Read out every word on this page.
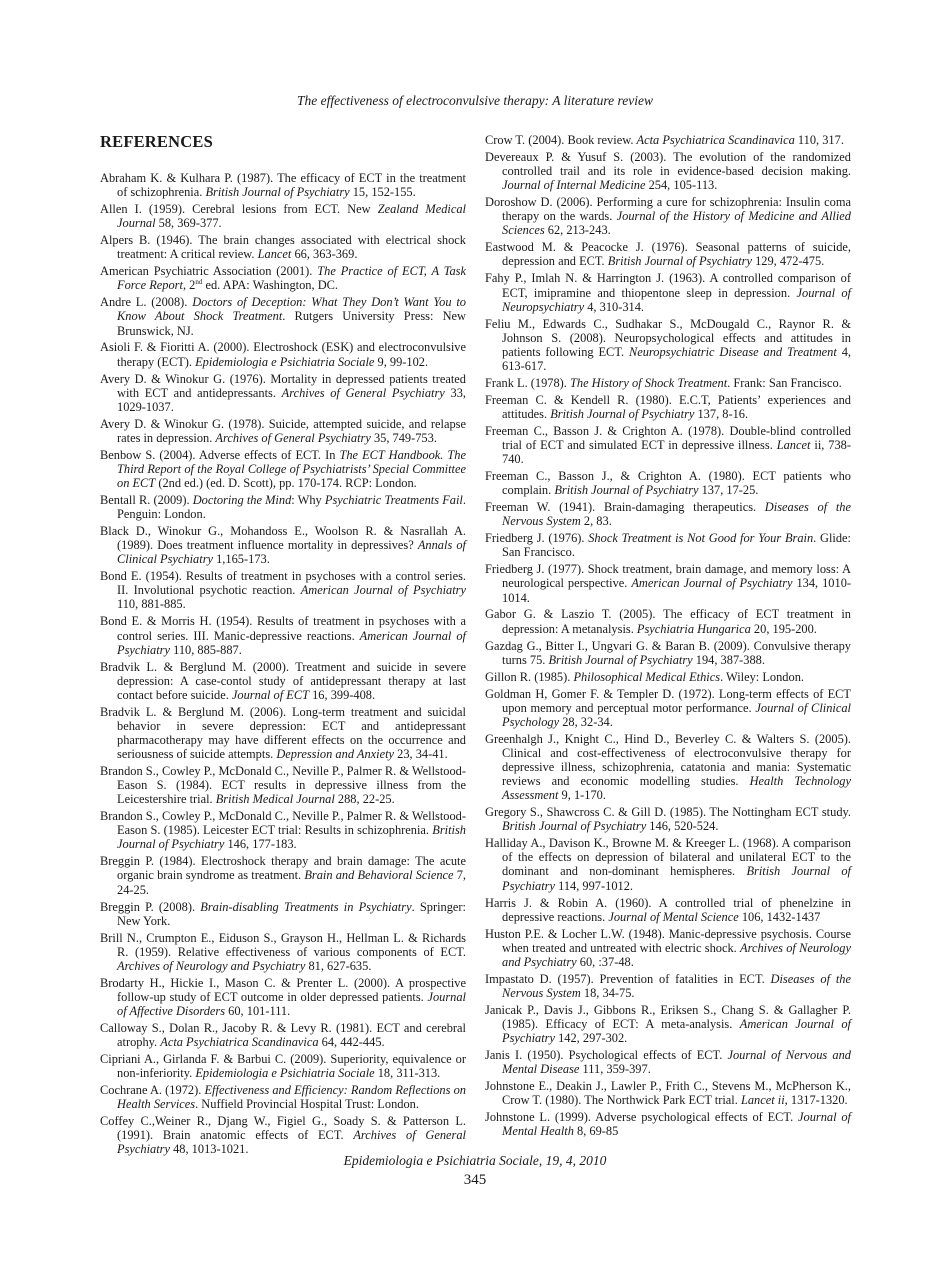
The effectiveness of electroconvulsive therapy: A literature review
REFERENCES
Abraham K. & Kulhara P. (1987). The efficacy of ECT in the treatment of schizophrenia. British Journal of Psychiatry 15, 152-155.
Allen I. (1959). Cerebral lesions from ECT. New Zealand Medical Journal 58, 369-377.
Alpers B. (1946). The brain changes associated with electrical shock treatment: A critical review. Lancet 66, 363-369.
American Psychiatric Association (2001). The Practice of ECT, A Task Force Report, 2nd ed. APA: Washington, DC.
Andre L. (2008). Doctors of Deception: What They Don’t Want You to Know About Shock Treatment. Rutgers University Press: New Brunswick, NJ.
Asioli F. & Fioritti A. (2000). Electroshock (ESK) and electroconvulsive therapy (ECT). Epidemiologia e Psichiatria Sociale 9, 99-102.
Avery D. & Winokur G. (1976). Mortality in depressed patients treated with ECT and antidepressants. Archives of General Psychiatry 33, 1029-1037.
Avery D. & Winokur G. (1978). Suicide, attempted suicide, and relapse rates in depression. Archives of General Psychiatry 35, 749-753.
Benbow S. (2004). Adverse effects of ECT. In The ECT Handbook. The Third Report of the Royal College of Psychiatrists’ Special Committee on ECT (2nd ed.) (ed. D. Scott), pp. 170-174. RCP: London.
Bentall R. (2009). Doctoring the Mind: Why Psychiatric Treatments Fail. Penguin: London.
Black D., Winokur G., Mohandoss E., Woolson R. & Nasrallah A. (1989). Does treatment influence mortality in depressives? Annals of Clinical Psychiatry 1,165-173.
Bond E. (1954). Results of treatment in psychoses with a control series. II. Involutional psychotic reaction. American Journal of Psychiatry 110, 881-885.
Bond E. & Morris H. (1954). Results of treatment in psychoses with a control series. III. Manic-depressive reactions. American Journal of Psychiatry 110, 885-887.
Bradvik L. & Berglund M. (2000). Treatment and suicide in severe depression: A case-contol study of antidepressant therapy at last contact before suicide. Journal of ECT 16, 399-408.
Bradvik L. & Berglund M. (2006). Long-term treatment and suicidal behavior in severe depression: ECT and antidepressant pharmacotherapy may have different effects on the occurrence and seriousness of suicide attempts. Depression and Anxiety 23, 34-41.
Brandon S., Cowley P., McDonald C., Neville P., Palmer R. & Wellstood-Eason S. (1984). ECT results in depressive illness from the Leicestershire trial. British Medical Journal 288, 22-25.
Brandon S., Cowley P., McDonald C., Neville P., Palmer R. & Wellstood-Eason S. (1985). Leicester ECT trial: Results in schizophrenia. British Journal of Psychiatry 146, 177-183.
Breggin P. (1984). Electroshock therapy and brain damage: The acute organic brain syndrome as treatment. Brain and Behavioral Science 7, 24-25.
Breggin P. (2008). Brain-disabling Treatments in Psychiatry. Springer: New York.
Brill N., Crumpton E., Eiduson S., Grayson H., Hellman L. & Richards R. (1959). Relative effectiveness of various components of ECT. Archives of Neurology and Psychiatry 81, 627-635.
Brodarty H., Hickie I., Mason C. & Prenter L. (2000). A prospective follow-up study of ECT outcome in older depressed patients. Journal of Affective Disorders 60, 101-111.
Calloway S., Dolan R., Jacoby R. & Levy R. (1981). ECT and cerebral atrophy. Acta Psychiatrica Scandinavica 64, 442-445.
Cipriani A., Girlanda F. & Barbui C. (2009). Superiority, equivalence or non-inferiority. Epidemiologia e Psichiatria Sociale 18, 311-313.
Cochrane A. (1972). Effectiveness and Efficiency: Random Reflections on Health Services. Nuffield Provincial Hospital Trust: London.
Coffey C.,Weiner R., Djang W., Figiel G., Soady S. & Patterson L. (1991). Brain anatomic effects of ECT. Archives of General Psychiatry 48, 1013-1021.
Crow T. (2004). Book review. Acta Psychiatrica Scandinavica 110, 317.
Devereaux P. & Yusuf S. (2003). The evolution of the randomized controlled trail and its role in evidence-based decision making. Journal of Internal Medicine 254, 105-113.
Doroshow D. (2006). Performing a cure for schizophrenia: Insulin coma therapy on the wards. Journal of the History of Medicine and Allied Sciences 62, 213-243.
Eastwood M. & Peacocke J. (1976). Seasonal patterns of suicide, depression and ECT. British Journal of Psychiatry 129, 472-475.
Fahy P., Imlah N. & Harrington J. (1963). A controlled comparison of ECT, imipramine and thiopentone sleep in depression. Journal of Neuropsychiatry 4, 310-314.
Feliu M., Edwards C., Sudhakar S., McDougald C., Raynor R. & Johnson S. (2008). Neuropsychological effects and attitudes in patients following ECT. Neuropsychiatric Disease and Treatment 4, 613-617.
Frank L. (1978). The History of Shock Treatment. Frank: San Francisco.
Freeman C. & Kendell R. (1980). E.C.T, Patients’ experiences and attitudes. British Journal of Psychiatry 137, 8-16.
Freeman C., Basson J. & Crighton A. (1978). Double-blind controlled trial of ECT and simulated ECT in depressive illness. Lancet ii, 738-740.
Freeman C., Basson J., & Crighton A. (1980). ECT patients who complain. British Journal of Psychiatry 137, 17-25.
Freeman W. (1941). Brain-damaging therapeutics. Diseases of the Nervous System 2, 83.
Friedberg J. (1976). Shock Treatment is Not Good for Your Brain. Glide: San Francisco.
Friedberg J. (1977). Shock treatment, brain damage, and memory loss: A neurological perspective. American Journal of Psychiatry 134, 1010-1014.
Gabor G. & Laszio T. (2005). The efficacy of ECT treatment in depression: A metanalysis. Psychiatria Hungarica 20, 195-200.
Gazdag G., Bitter I., Ungvari G. & Baran B. (2009). Convulsive therapy turns 75. British Journal of Psychiatry 194, 387-388.
Gillon R. (1985). Philosophical Medical Ethics. Wiley: London.
Goldman H, Gomer F. & Templer D. (1972). Long-term effects of ECT upon memory and perceptual motor performance. Journal of Clinical Psychology 28, 32-34.
Greenhalgh J., Knight C., Hind D., Beverley C. & Walters S. (2005). Clinical and cost-effectiveness of electroconvulsive therapy for depressive illness, schizophrenia, catatonia and mania: Systematic reviews and economic modelling studies. Health Technology Assessment 9, 1-170.
Gregory S., Shawcross C. & Gill D. (1985). The Nottingham ECT study. British Journal of Psychiatry 146, 520-524.
Halliday A., Davison K., Browne M. & Kreeger L. (1968). A comparison of the effects on depression of bilateral and unilateral ECT to the dominant and non-dominant hemispheres. British Journal of Psychiatry 114, 997-1012.
Harris J. & Robin A. (1960). A controlled trial of phenelzine in depressive reactions. Journal of Mental Science 106, 1432-1437
Huston P.E. & Locher L.W. (1948). Manic-depressive psychosis. Course when treated and untreated with electric shock. Archives of Neurology and Psychiatry 60, :37-48.
Impastato D. (1957). Prevention of fatalities in ECT. Diseases of the Nervous System 18, 34-75.
Janicak P., Davis J., Gibbons R., Eriksen S., Chang S. & Gallagher P. (1985). Efficacy of ECT: A meta-analysis. American Journal of Psychiatry 142, 297-302.
Janis I. (1950). Psychological effects of ECT. Journal of Nervous and Mental Disease 111, 359-397.
Johnstone E., Deakin J., Lawler P., Frith C., Stevens M., McPherson K., Crow T. (1980). The Northwick Park ECT trial. Lancet ii, 1317-1320.
Johnstone L. (1999). Adverse psychological effects of ECT. Journal of Mental Health 8, 69-85
Epidemiologia e Psichiatria Sociale, 19, 4, 2010
345
